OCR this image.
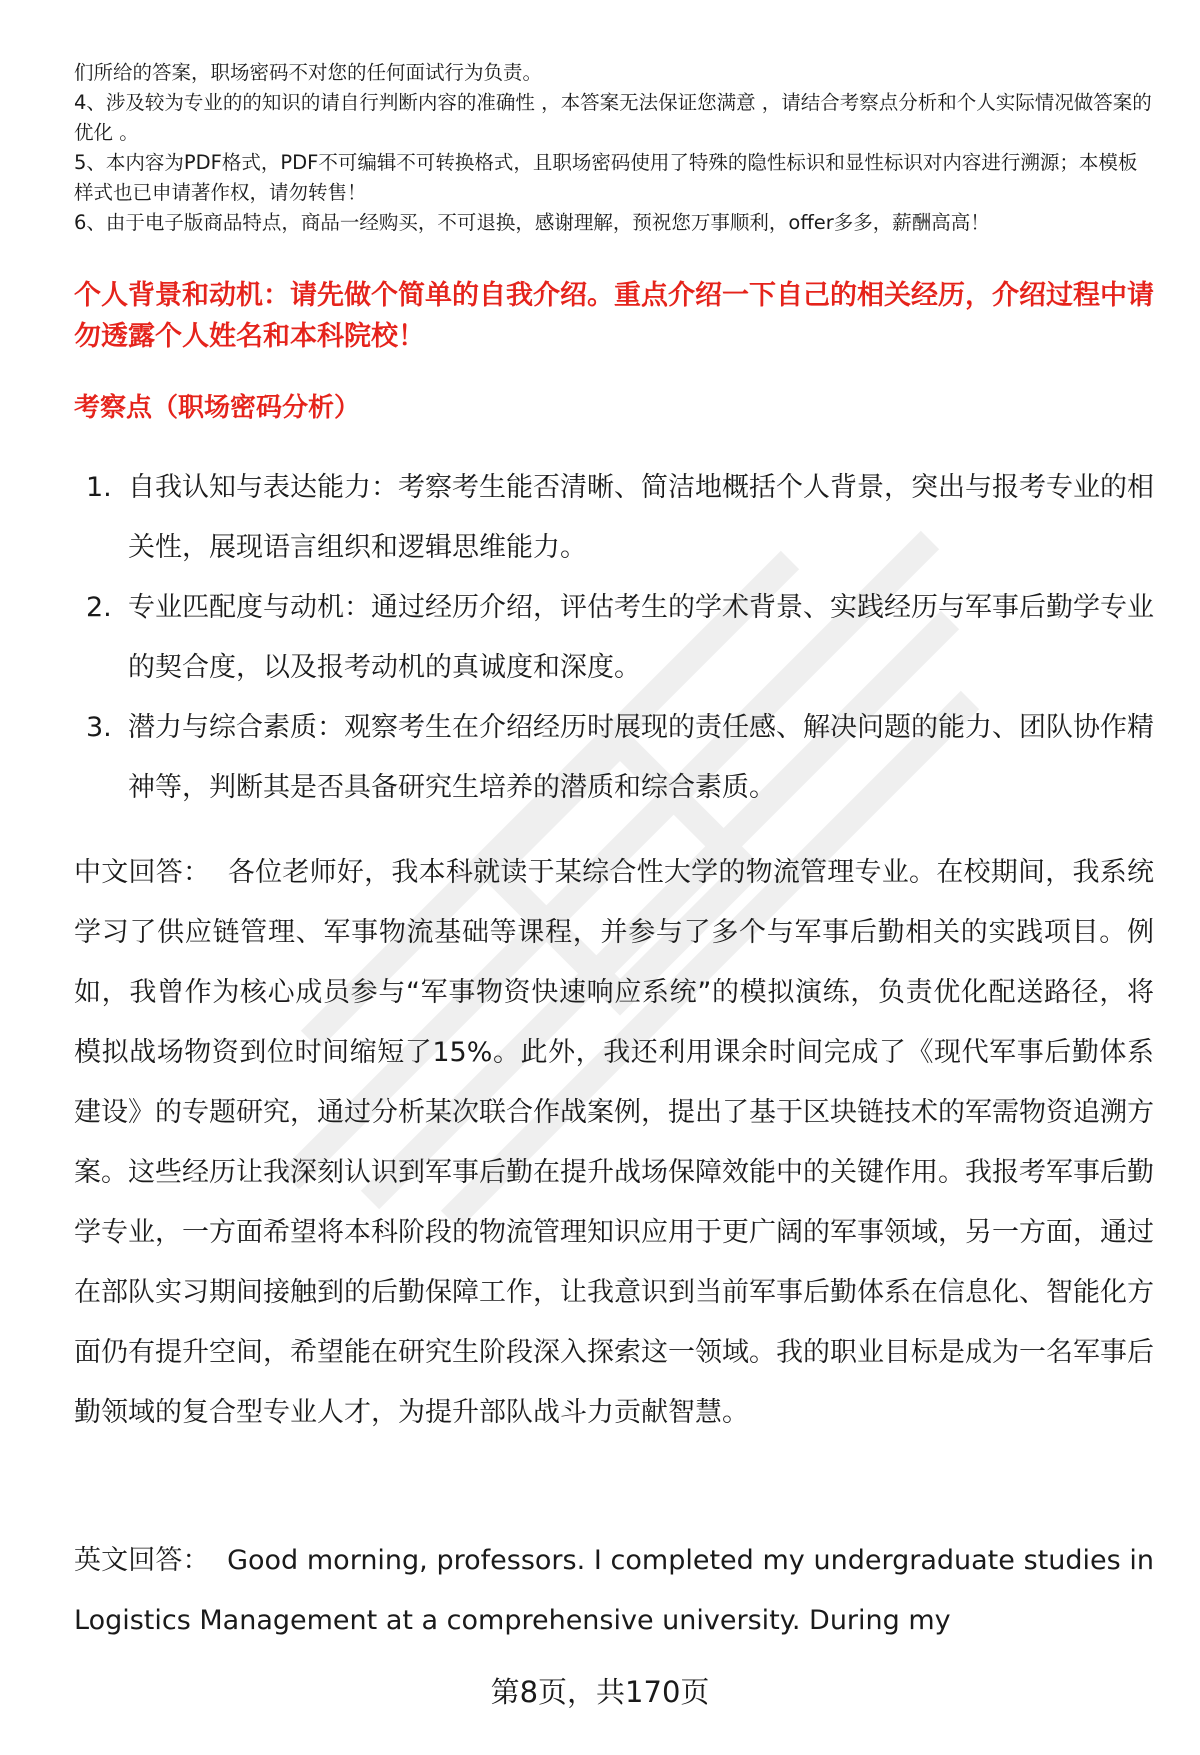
们所给的答案，职场密码不对您的任何面试行为负责。

4、涉及较为专业的的知识的请自行判断内容的准确性 ，本答案无法保证您满意 ，请结合考察点分析和个人实际情况做答案的优化 。

5、本内容为PDF格式，PDF不可编辑不可转换格式，且职场密码使用了特殊的隐性标识和显性标识对内容进行溯源；本模板样式也已申请著作权，请勿转售！

6、由于电子版商品特点，商品一经购买，不可退换，感谢理解，预祝您万事顺利，offer多多，薪酬高高！

个人背景和动机：请先做个简单的自我介绍。重点介绍一下自己的相关经历，介绍过程中请勿透露个人姓名和本科院校！

考察点（职场密码分析）

1. 自我认知与表达能力：考察考生能否清晰、简洁地概括个人背景，突出与报考专业的相关性，展现语言组织和逻辑思维能力。
2. 专业匹配度与动机：通过经历介绍，评估考生的学术背景、实践经历与军事后勤学专业的契合度，以及报考动机的真诚度和深度。
3. 潜力与综合素质：观察考生在介绍经历时展现的责任感、解决问题的能力、团队协作精神等，判断其是否具备研究生培养的潜质和综合素质。

中文回答： 各位老师好，我本科就读于某综合性大学的物流管理专业。在校期间，我系统学习了供应链管理、军事物流基础等课程，并参与了多个与军事后勤相关的实践项目。例如，我曾作为核心成员参与“军事物资快速响应系统”的模拟演练，负责优化配送路径，将模拟战场物资到位时间缩短了15%。此外，我还利用课余时间完成了《现代军事后勤体系建设》的专题研究，通过分析某次联合作战案例，提出了基于区块链技术的军需物资追溯方案。这些经历让我深刻认识到军事后勤在提升战场保障效能中的关键作用。我报考军事后勤学专业，一方面希望将本科阶段的物流管理知识应用于更广阔的军事领域，另一方面，通过在部队实习期间接触到的后勤保障工作，让我意识到当前军事后勤体系在信息化、智能化方面仍有提升空间，希望能在研究生阶段深入探索这一领域。我的职业目标是成为一名军事后勤领域的复合型专业人才，为提升部队战斗力贡献智慧。

英文回答： Good morning, professors. I completed my undergraduate studies in Logistics Management at a comprehensive university. During my

第8页，共170页
